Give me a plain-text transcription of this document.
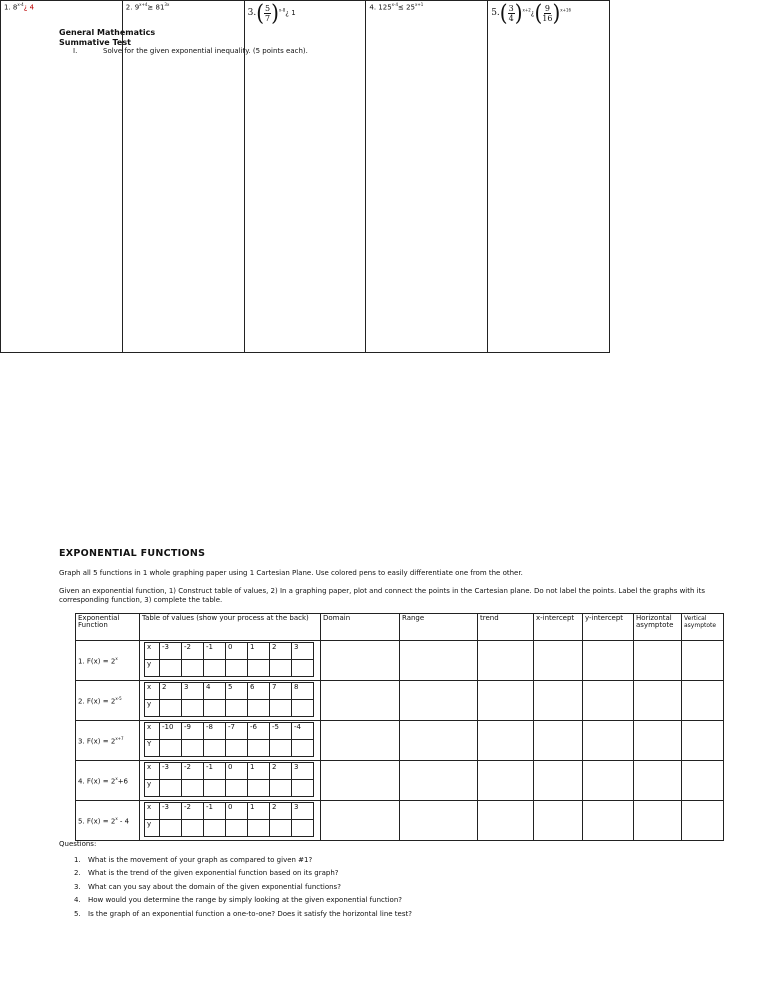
General Mathematics
Summative Test
I.	Solve for the given exponential inequality. (5 points each).
1. 8$^{x-4}$¿ 4	2. $9^{x+4}\ge 81^{3x}$
3. ( 5
7 ) $^{x-8}$¿ 1
4. $125^{x-4}\le 25^{x+1}$
5. ( 3
4 ) $^{x+2}$¿ ( 9
16 ) $^{x+16}$
EXPONENTIAL FUNCTIONS
Graph all 5 functions in 1 whole graphing paper using 1 Cartesian Plane. Use colored pens to easily differentiate one from the other.
Given an exponential function, 1) Construct table of values, 2) In a graphing paper, plot and connect the points in the Cartesian plane. Do not label the points. Label the graphs with its corresponding function, 3) complete the table.
Exponential Function	Table of values (show your process at the back)	Domain	Range	trend	x-intercept	y-intercept	Horizontal asymptote	Vertical asymptote
1. $F(x) = 2^x$	
x	-3	-2	-1	0	1	2	3
y							

2. $F(x) = 2^{x-5}$	
x	2	3	4	5	6	7	8
y							

3. $F(x) = 2^{x+7}$	
x	-10	-9	-8	-7	-6	-5	-4
Y							

4. $F(x) = 2^x+6$	
x	-3	-2	-1	0	1	2	3
y							

5. $F(x) = 2^x - 4$	
x	-3	-2	-1	0	1	2	3
y							

Questions:
1. What is the movement of your graph as compared to given #1?
2. What is the trend of the given exponential function based on its graph?
3. What can you say about the domain of the given exponential functions?
4. How would you determine the range by simply looking at the given exponential function?
5. Is the graph of an exponential function a one-to-one? Does it satisfy the horizontal line test?
